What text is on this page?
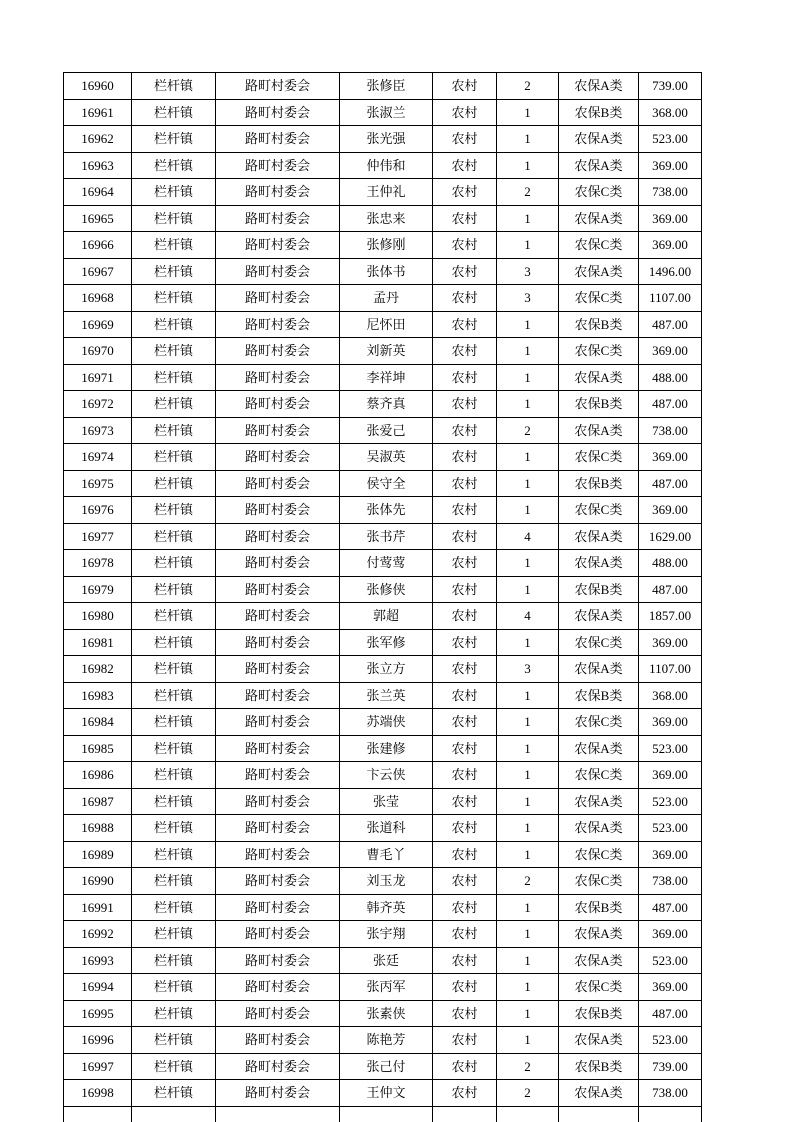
16960	栏杆镇	路町村委会	张修臣	农村	2	农保A类	739.00
16961	栏杆镇	路町村委会	张淑兰	农村	1	农保B类	368.00
16962	栏杆镇	路町村委会	张光强	农村	1	农保A类	523.00
16963	栏杆镇	路町村委会	仲伟和	农村	1	农保A类	369.00
16964	栏杆镇	路町村委会	王仲礼	农村	2	农保C类	738.00
16965	栏杆镇	路町村委会	张忠来	农村	1	农保A类	369.00
16966	栏杆镇	路町村委会	张修刚	农村	1	农保C类	369.00
16967	栏杆镇	路町村委会	张体书	农村	3	农保A类	1496.00
16968	栏杆镇	路町村委会	孟丹	农村	3	农保C类	1107.00
16969	栏杆镇	路町村委会	尼怀田	农村	1	农保B类	487.00
16970	栏杆镇	路町村委会	刘新英	农村	1	农保C类	369.00
16971	栏杆镇	路町村委会	李祥坤	农村	1	农保A类	488.00
16972	栏杆镇	路町村委会	蔡齐真	农村	1	农保B类	487.00
16973	栏杆镇	路町村委会	张爱己	农村	2	农保A类	738.00
16974	栏杆镇	路町村委会	吴淑英	农村	1	农保C类	369.00
16975	栏杆镇	路町村委会	侯守全	农村	1	农保B类	487.00
16976	栏杆镇	路町村委会	张体先	农村	1	农保C类	369.00
16977	栏杆镇	路町村委会	张书芹	农村	4	农保A类	1629.00
16978	栏杆镇	路町村委会	付莺莺	农村	1	农保A类	488.00
16979	栏杆镇	路町村委会	张修侠	农村	1	农保B类	487.00
16980	栏杆镇	路町村委会	郭超	农村	4	农保A类	1857.00
16981	栏杆镇	路町村委会	张军修	农村	1	农保C类	369.00
16982	栏杆镇	路町村委会	张立方	农村	3	农保A类	1107.00
16983	栏杆镇	路町村委会	张兰英	农村	1	农保B类	368.00
16984	栏杆镇	路町村委会	苏端侠	农村	1	农保C类	369.00
16985	栏杆镇	路町村委会	张建修	农村	1	农保A类	523.00
16986	栏杆镇	路町村委会	卞云侠	农村	1	农保C类	369.00
16987	栏杆镇	路町村委会	张莹	农村	1	农保A类	523.00
16988	栏杆镇	路町村委会	张道科	农村	1	农保A类	523.00
16989	栏杆镇	路町村委会	曹毛丫	农村	1	农保C类	369.00
16990	栏杆镇	路町村委会	刘玉龙	农村	2	农保C类	738.00
16991	栏杆镇	路町村委会	韩齐英	农村	1	农保B类	487.00
16992	栏杆镇	路町村委会	张宇翔	农村	1	农保A类	369.00
16993	栏杆镇	路町村委会	张廷	农村	1	农保A类	523.00
16994	栏杆镇	路町村委会	张丙军	农村	1	农保C类	369.00
16995	栏杆镇	路町村委会	张素侠	农村	1	农保B类	487.00
16996	栏杆镇	路町村委会	陈艳芳	农村	1	农保A类	523.00
16997	栏杆镇	路町村委会	张己付	农村	2	农保B类	739.00
16998	栏杆镇	路町村委会	王仲文	农村	2	农保A类	738.00
